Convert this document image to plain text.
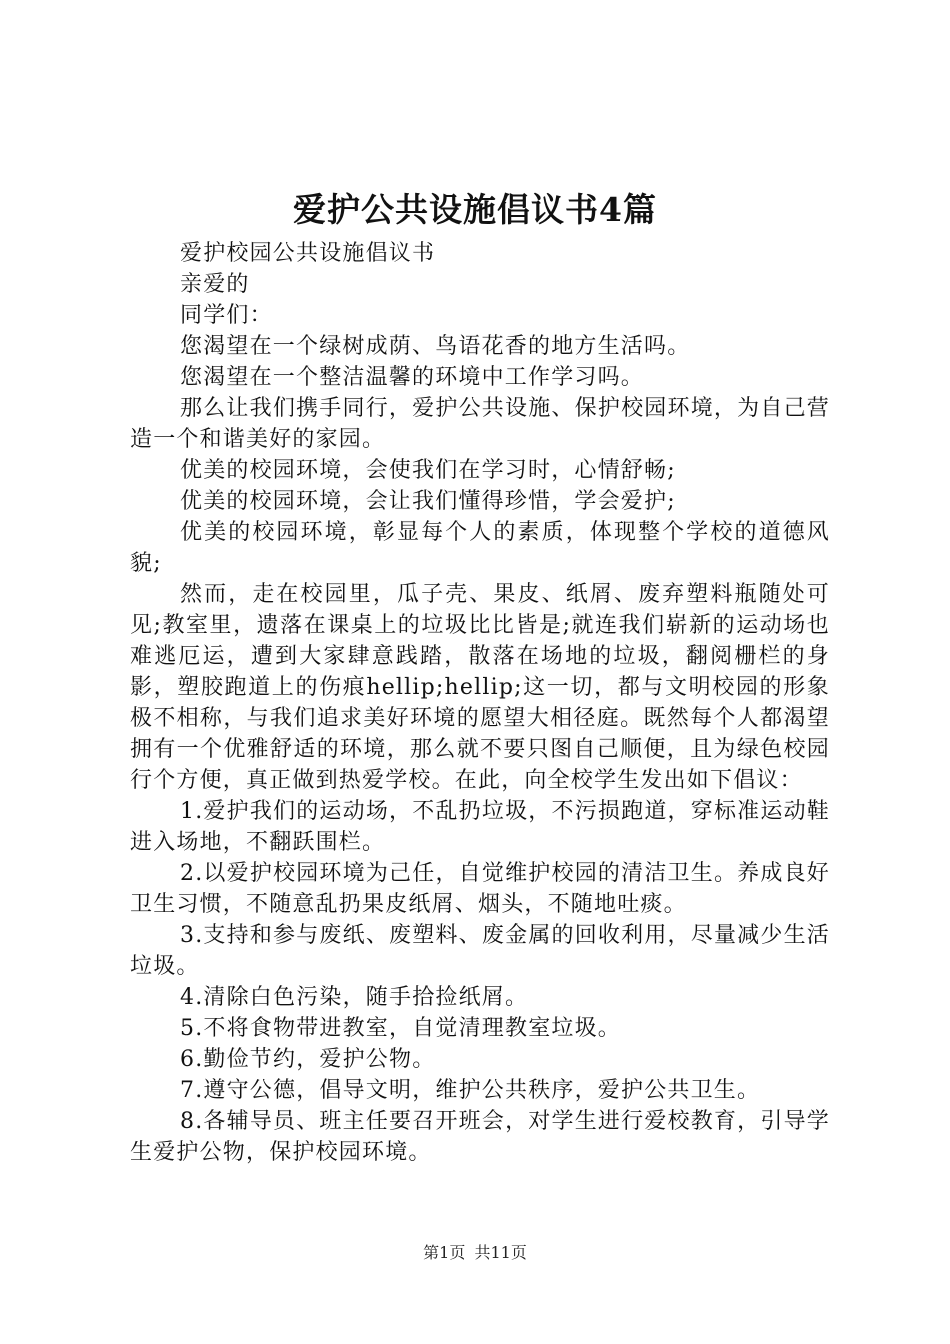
爱护公共设施倡议书4篇

爱护校园公共设施倡议书

亲爱的

同学们：

您渴望在一个绿树成荫、鸟语花香的地方生活吗。

您渴望在一个整洁温馨的环境中工作学习吗。

那么让我们携手同行，爱护公共设施、保护校园环境，为自己营造一个和谐美好的家园。

优美的校园环境，会使我们在学习时，心情舒畅;

优美的校园环境，会让我们懂得珍惜，学会爱护;

优美的校园环境，彰显每个人的素质，体现整个学校的道德风貌;

然而，走在校园里，瓜子壳、果皮、纸屑、废弃塑料瓶随处可见;教室里，遗落在课桌上的垃圾比比皆是;就连我们崭新的运动场也难逃厄运，遭到大家肆意践踏，散落在场地的垃圾，翻阅栅栏的身影，塑胶跑道上的伤痕hellip;hellip;这一切，都与文明校园的形象极不相称，与我们追求美好环境的愿望大相径庭。既然每个人都渴望拥有一个优雅舒适的环境，那么就不要只图自己顺便，且为绿色校园行个方便，真正做到热爱学校。在此，向全校学生发出如下倡议：

1.爱护我们的运动场，不乱扔垃圾，不污损跑道，穿标准运动鞋进入场地，不翻跃围栏。

2.以爱护校园环境为己任，自觉维护校园的清洁卫生。养成良好卫生习惯，不随意乱扔果皮纸屑、烟头，不随地吐痰。

3.支持和参与废纸、废塑料、废金属的回收利用，尽量减少生活垃圾。

4.清除白色污染，随手拾捡纸屑。

5.不将食物带进教室，自觉清理教室垃圾。

6.勤俭节约，爱护公物。

7.遵守公德，倡导文明，维护公共秩序，爱护公共卫生。

8.各辅导员、班主任要召开班会，对学生进行爱校教育，引导学生爱护公物，保护校园环境。

第1页 共11页
